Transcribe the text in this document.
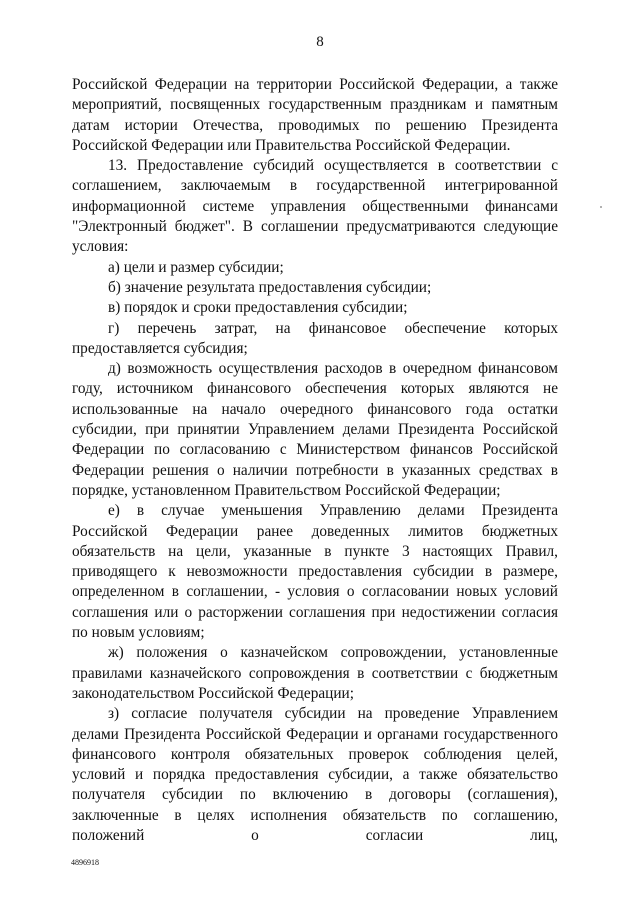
8

Российской Федерации на территории Российской Федерации, а также мероприятий, посвященных государственным праздникам и памятным датам истории Отечества, проводимых по решению Президента Российской Федерации или Правительства Российской Федерации.

13. Предоставление субсидий осуществляется в соответствии с соглашением, заключаемым в государственной интегрированной информационной системе управления общественными финансами "Электронный бюджет". В соглашении предусматриваются следующие условия:

а) цели и размер субсидии;

б) значение результата предоставления субсидии;

в) порядок и сроки предоставления субсидии;

г) перечень затрат, на финансовое обеспечение которых предоставляется субсидия;

д) возможность осуществления расходов в очередном финансовом году, источником финансового обеспечения которых являются не использованные на начало очередного финансового года остатки субсидии, при принятии Управлением делами Президента Российской Федерации по согласованию с Министерством финансов Российской Федерации решения о наличии потребности в указанных средствах в порядке, установленном Правительством Российской Федерации;

е) в случае уменьшения Управлению делами Президента Российской Федерации ранее доведенных лимитов бюджетных обязательств на цели, указанные в пункте 3 настоящих Правил, приводящего к невозможности предоставления субсидии в размере, определенном в соглашении, - условия о согласовании новых условий соглашения или о расторжении соглашения при недостижении согласия по новым условиям;

ж) положения о казначейском сопровождении, установленные правилами казначейского сопровождения в соответствии с бюджетным законодательством Российской Федерации;

з) согласие получателя субсидии на проведение Управлением делами Президента Российской Федерации и органами государственного финансового контроля обязательных проверок соблюдения целей, условий и порядка предоставления субсидии, а также обязательство получателя субсидии по включению в договоры (соглашения), заключенные в целях исполнения обязательств по соглашению, положений о согласии лиц,

4896918
